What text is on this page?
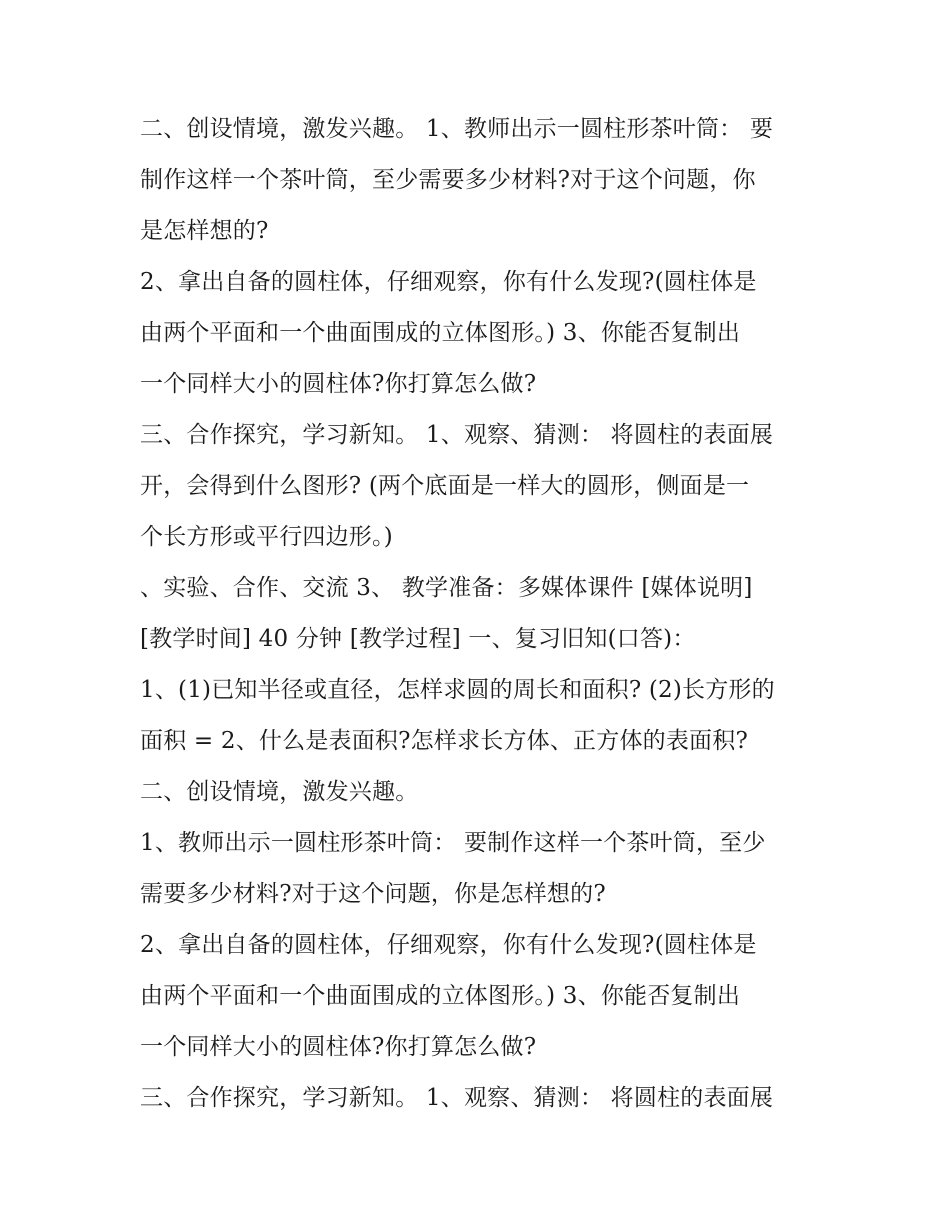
二、创设情境，激发兴趣。 1、教师出示一圆柱形茶叶筒： 要
制作这样一个茶叶筒，至少需要多少材料?对于这个问题，你
是怎样想的?
2、拿出自备的圆柱体，仔细观察，你有什么发现?(圆柱体是
由两个平面和一个曲面围成的立体图形。) 3、你能否复制出
一个同样大小的圆柱体?你打算怎么做?
三、合作探究，学习新知。 1、观察、猜测： 将圆柱的表面展
开，会得到什么图形? (两个底面是一样大的圆形，侧面是一
个长方形或平行四边形。)
、实验、合作、交流 3、 教学准备：多媒体课件 [媒体说明]
[教学时间] 40 分钟 [教学过程] 一、复习旧知(口答)：
1、(1)已知半径或直径，怎样求圆的周长和面积? (2)长方形的
面积 = 2、什么是表面积?怎样求长方体、正方体的表面积?
二、创设情境，激发兴趣。
1、教师出示一圆柱形茶叶筒： 要制作这样一个茶叶筒，至少
需要多少材料?对于这个问题，你是怎样想的?
2、拿出自备的圆柱体，仔细观察，你有什么发现?(圆柱体是
由两个平面和一个曲面围成的立体图形。) 3、你能否复制出
一个同样大小的圆柱体?你打算怎么做?
三、合作探究，学习新知。 1、观察、猜测： 将圆柱的表面展
